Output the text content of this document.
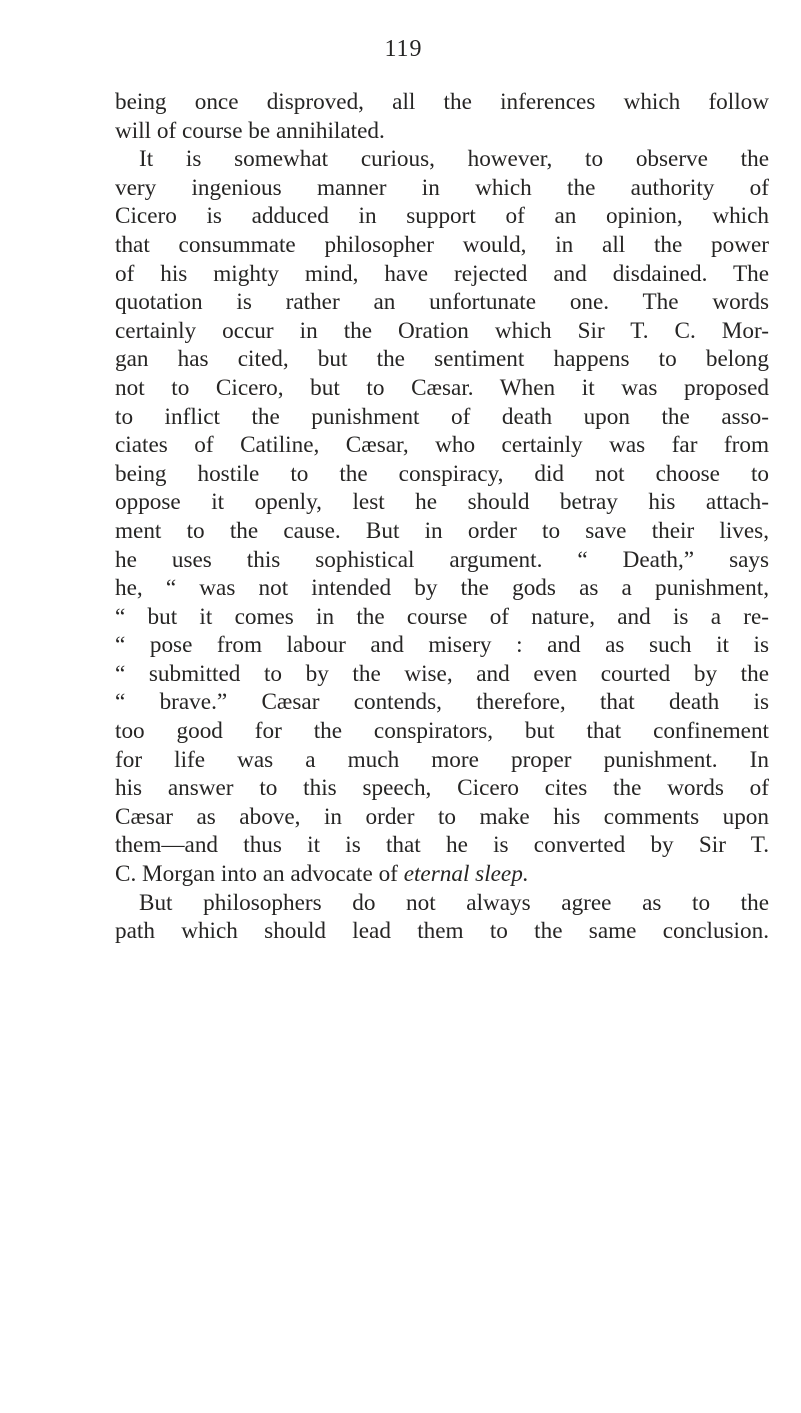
119
being once disproved, all the inferences which follow
will of course be annihilated.
It is somewhat curious, however, to observe the
very ingenious manner in which the authority of
Cicero is adduced in support of an opinion, which
that consummate philosopher would, in all the power
of his mighty mind, have rejected and disdained. The
quotation is rather an unfortunate one. The words
certainly occur in the Oration which Sir T. C. Mor-
gan has cited, but the sentiment happens to belong
not to Cicero, but to Cæsar. When it was proposed
to inflict the punishment of death upon the asso-
ciates of Catiline, Cæsar, who certainly was far from
being hostile to the conspiracy, did not choose to
oppose it openly, lest he should betray his attach-
ment to the cause. But in order to save their lives,
he uses this sophistical argument. “ Death,” says
he, “ was not intended by the gods as a punishment,
“ but it comes in the course of nature, and is a re-
“ pose from labour and misery : and as such it is
“ submitted to by the wise, and even courted by the
“ brave.” Cæsar contends, therefore, that death is
too good for the conspirators, but that confinement
for life was a much more proper punishment. In
his answer to this speech, Cicero cites the words of
Cæsar as above, in order to make his comments upon
them—and thus it is that he is converted by Sir T.
C. Morgan into an advocate of eternal sleep.
But philosophers do not always agree as to the
path which should lead them to the same conclusion.
